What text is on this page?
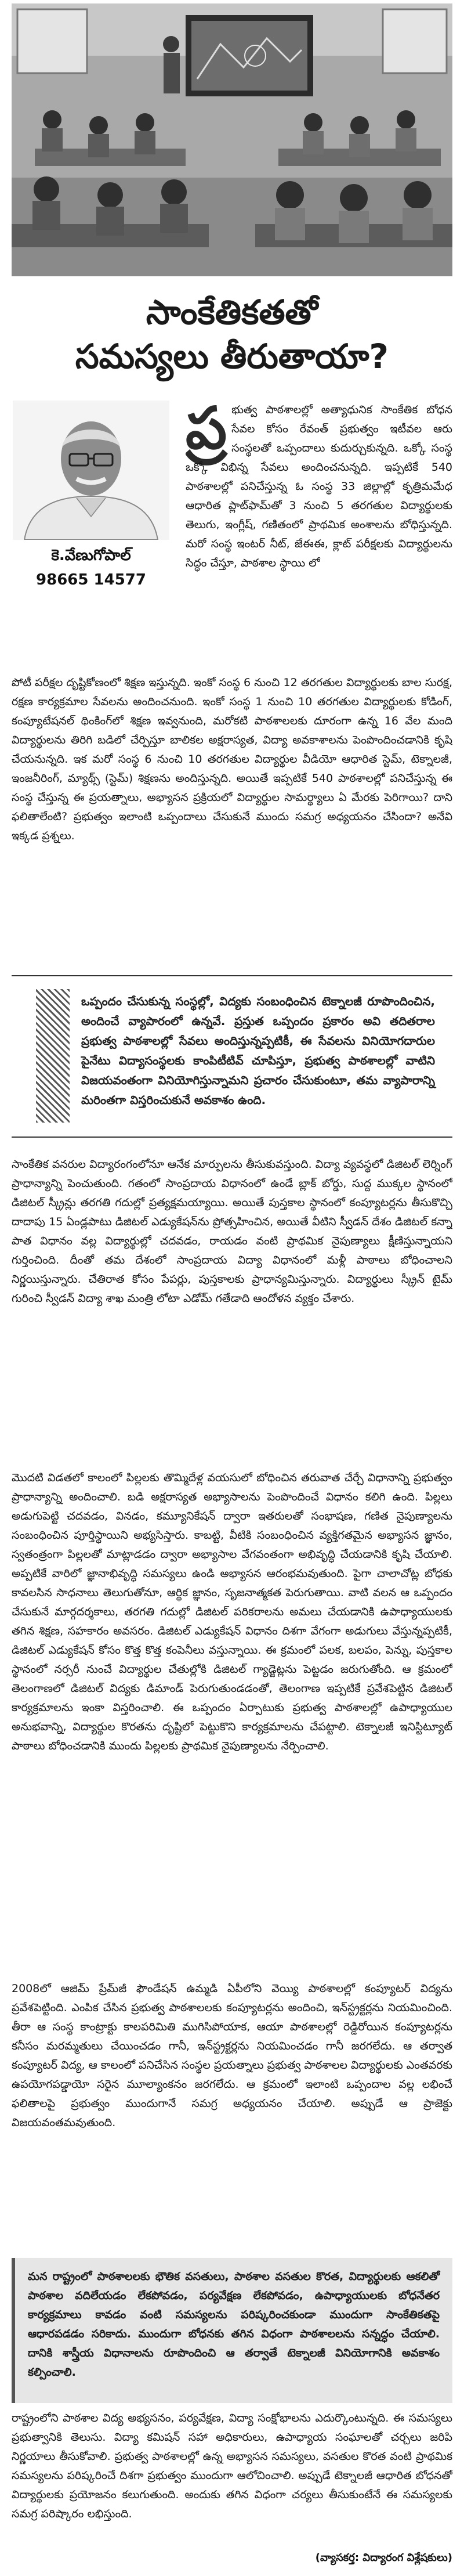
సాంకేతికతతో
సమస్యలు తీరుతాయా?
కె.వేణుగోపాల్
98665 14577
ప్ర భుత్వ పాఠశాలల్లో అత్యాధునిక సాంకేతిక బోధన సేవల కోసం రేవంత్ ప్రభుత్వం ఇటీవల ఆరు సంస్థలతో ఒప్పందాలు కుదుర్చుకున్నది. ఒక్కో సంస్థ ఒక్కో విభిన్న సేవలు అందించనున్నది. ఇప్పటికే 540 పాఠశాలల్లో పనిచేస్తున్న ఓ సంస్థ 33 జిల్లాల్లో కృత్రిమమేధ ఆధారిత ప్లాట్‌ఫామ్‌తో 3 నుంచి 5 తరగతుల విద్యార్థులకు తెలుగు, ఇంగ్లీష్, గణితంలో ప్రాథమిక అంశాలను బోధిస్తున్నది. మరో సంస్థ ఇంటర్ నీట్, జేఈఈ, క్లాట్ పరీక్షలకు విద్యార్థులను సిద్ధం చేస్తూ, పాఠశాల స్థాయి లో
పోటీ పరీక్షల దృష్టికోణంలో శిక్షణ ఇస్తున్నది. ఇంకో సంస్థ 6 నుంచి 12 తరగతుల విద్యార్థులకు బాల సురక్ష, రక్షణ కార్యక్రమాల సేవలను అందించనుంది. ఇంకో సంస్థ 1 నుంచి 10 తరగతుల విద్యార్థులకు కోడింగ్, కంప్యూటేషనల్ థింకింగ్‌లో శిక్షణ ఇవ్వనుంది, మరోకటి పాఠశాలలకు దూరంగా ఉన్న 16 వేల మంది విద్యార్థులను తిరిగి బడిలో చేర్పిస్తూ బాలికల అక్షరాస్యత, విద్యా అవకాశాలను పెంపొందించడానికి కృషి చేయనున్నది. ఇక మరో సంస్థ 6 నుంచి 10 తరగతుల విద్యార్థుల వీడియో ఆధారిత స్టెమ్, టెక్నాలజీ, ఇంజనీరింగ్, మ్యాథ్స్ (స్టెమ్) శిక్షణను అందిస్తున్నది. అయితే ఇప్పటికే 540 పాఠశాలల్లో పనిచేస్తున్న ఈ సంస్థ చేస్తున్న ఈ ప్రయత్నాలు, అభ్యాసన ప్రక్రియలో విద్యార్థుల సామర్థ్యాలు ఏ మేరకు పెరిగాయి? దాని ఫలితాలేంటి? ప్రభుత్వం ఇలాంటి ఒప్పందాలు చేసుకునే ముందు సమగ్ర అధ్యయనం చేసిందా? అనేవి ఇక్కడ ప్రశ్నలు.
ఒప్పందం చేసుకున్న సంస్థల్లో, విద్యకు సంబంధించిన టెక్నాలజీ రూపొందించిన, అందించే వ్యాపారంలో ఉన్నవే. ప్రస్తుత ఒప్పందం ప్రకారం అవి తదితరాల ప్రభుత్వ పాఠశాలల్లో సేవలు అందిస్తున్నప్పటికీ, ఈ సేవలను వినియోగదారుల పైనేటు విద్యాసంస్థలకు కాంపిటీటివ్ చూపిస్తూ, ప్రభుత్వ పాఠశాలల్లో వాటిని విజయవంతంగా వినియోగిస్తున్నామని ప్రచారం చేసుకుంటూ, తమ వ్యాపారాన్ని మరింతగా విస్తరించుకునే అవకాశం ఉంది.
సాంకేతిక వనరుల విద్యారంగంలోనూ ఆనేక మార్పులను తీసుకువస్తుంది. విద్యా వ్యవస్థలో డిజిటల్ లెర్నింగ్ ప్రాధాన్యాన్ని పెంచుతుంది. గతంలో సాంప్రదాయ విధానంలో ఉండే బ్లాక్ బోర్డు, సుద్ద ముక్కల స్థానంలో డిజిటల్ స్క్రీన్లు తరగతి గదుల్లో ప్రత్యక్షమయ్యాయి. అయితే పుస్తకాల స్థానంలో కంప్యూటర్లను తీసుకొచ్చి దాదాపు 15 ఏండ్లపాటు డిజిటల్ ఎడ్యుకేషన్‌ను ప్రోత్సహించిన, అయితే వీటిని స్వీడన్ దేశం డిజిటల్ కన్నా పాత విధానం వల్ల విద్యార్థుల్లో చదవడం, రాయడం వంటి ప్రాథమిక నైపుణ్యాలు క్షీణిస్తున్నాయని గుర్తించింది. దీంతో తమ దేశంలో సాంప్రదాయ విద్యా విధానంలో మళ్లీ పాఠాలు బోధించాలని నిర్ణయిస్తున్నారు. చేతిరాత కోసం పేపర్లు, పుస్తకాలకు ప్రాధాన్యమిస్తున్నారు. విద్యార్థులు స్క్రీన్ టైమ్ గురించి స్వీడన్ విద్యా శాఖ మంత్రి లోటా ఎడోమ్ గతేడాది ఆందోళన వ్యక్తం చేశారు.
మొదటి విడతలో కాలంలో పిల్లలకు తొమ్మిదేళ్ల వయసులో బోధించిన తరువాత చేర్చే విధానాన్ని ప్రభుత్వం ప్రాధాన్యాన్ని అందించాలి. బడి అక్షరాస్యత అభ్యాసాలను పెంపొందించే విధానం కలిగి ఉంది. పిల్లలు అడుగుపెట్టి చదవడం, వినడం, కమ్యూనికేషన్ ద్వారా ఇతరులతో సంభాషణ, గణిత నైపుణ్యాలను సంబంధించిన పూర్తిస్థాయిని అభ్యసిస్తారు. కాబట్టి, వీటికి సంబంధించిన వ్యక్తిగతమైన అభ్యాసన జ్ఞానం, స్వతంత్రంగా పిల్లలతో మాట్లాడడం ద్వారా అభ్యాసాల వేగవంతంగా అభివృద్ధి చేయడానికి కృషి చేయాలి. అప్పటికే వారిలో జ్ఞానాభివృద్ధి సమస్యలు ఉండి అభ్యాసన ఆరంభమవుతుంది. పైగా చాలాచోట్ల బోధకు కావలసిన సాధనాలు తెలుగుతోనూ, ఆర్థిక జ్ఞానం, సృజనాత్మకత పెరుగుతాయి. వాటి వలన ఆ ఒప్పందం చేసుకునే మార్గదర్శకాలు, తరగతి గదుల్లో డిజిటల్ పరికరాలను అమలు చేయడానికి ఉపాధ్యాయులకు తగిన శిక్షణ, సహకారం అవసరం. డిజిటల్ ఎడ్యుకేషన్ విధానం దిశగా వేగంగా అడుగులు వేస్తున్నప్పటికీ, డిజిటల్ ఎడ్యుకేషన్ కోసం కొత్త కొత్త కంపెనీలు వస్తున్నాయి. ఈ క్రమంలో పలక, బలపం, పెన్ను, పుస్తకాల స్థానంలో నర్సరీ నుంచే విద్యార్థుల చేతుల్లోకి డిజిటల్ గ్యాడ్జెట్లను పెట్టడం జరుగుతోంది. ఆ క్రమంలో తెలంగాణలో డిజిటల్ విద్యకు డిమాండ్ పెరుగుతుండడంతో, తెలంగాణ ఇప్పటికే ప్రవేశపెట్టిన డిజిటల్ కార్యక్రమాలను ఇంకా విస్తరించాలి. ఈ ఒప్పందం ఏర్పాటుకు ప్రభుత్వ పాఠశాలల్లో ఉపాధ్యాయుల అనుభవాన్ని, విద్యార్థుల కొరతను దృష్టిలో పెట్టుకొని కార్యక్రమాలను చేపట్టాలి. టెక్నాలజీ ఇనిస్టిట్యూట్ పాఠాలు బోధించడానికి ముందు పిల్లలకు ప్రాథమిక నైపుణ్యాలను నేర్పించాలి.
2008లో ఆజిమ్ ప్రేమ్‌జీ ఫౌండేషన్ ఉమ్మడి ఏపీలోని వెయ్యి పాఠశాలల్లో కంప్యూటర్ విద్యను ప్రవేశపెట్టింది. ఎంపిక చేసిన ప్రభుత్వ పాఠశాలలకు కంప్యూటర్లను అందించి, ఇన్‌స్ట్రక్టర్లను నియమించింది. తీరా ఆ సంస్థ కాంట్రాక్టు కాలపరిమితి ముగిసిపోయాక, ఆయా పాఠశాలల్లో రెడ్డిరోయిన కంప్యూటర్లను కనీసం మరమ్మతులు చేయించడం గానీ, ఇన్‌స్ట్రక్టర్లను నియమించడం గానీ జరగలేదు. ఆ తర్వాత కంప్యూటర్ విద్య, ఆ కాలంలో పనిచేసిన సంస్థల ప్రయత్నాలు ప్రభుత్వ పాఠశాలల విద్యార్థులకు ఎంతవరకు ఉపయోగపడ్డాయో సరైన మూల్యాంకనం జరగలేదు. ఆ క్రమంలో ఇలాంటి ఒప్పందాల వల్ల లభించే ఫలితాలపై ప్రభుత్వం ముందుగానే సమగ్ర అధ్యయనం చేయాలి. అప్పుడే ఆ ప్రాజెక్టు విజయవంతమవుతుంది.
మన రాష్ట్రంలో పాఠశాలలకు భౌతిక వసతులు, పాఠశాల వసతుల కొరత, విద్యార్థులకు ఆకలితో పాఠశాల వదిలేయడం లేకపోవడం, పర్యవేక్షణ లేకపోవడం, ఉపాధ్యాయులకు బోధనేతర కార్యక్రమాలు కావడం వంటి సమస్యలను పరిష్కరించకుండా ముందుగా సాంకేతికతపై ఆధారపడడం సరికాదు. ముందుగా బోధనకు తగిన విధంగా పాఠశాలలను సన్నద్ధం చేయాలి. దానికి శాస్త్రీయ విధానాలను రూపొందించి ఆ తర్వాతే టెక్నాలజీ వినియోగానికి అవకాశం కల్పించాలి.
రాష్ట్రంలోని పాఠశాల విద్య అభ్యసనం, పర్యవేక్షణ, విద్యా సంక్షోభాలను ఎదుర్కొంటున్నది. ఈ సమస్యలు ప్రభుత్వానికి తెలుసు. విద్యా కమిషన్ సహా అధికారులు, ఉపాధ్యాయ సంఘాలతో చర్చలు జరిపి నిర్ణయాలు తీసుకోవాలి. ప్రభుత్వ పాఠశాలల్లో ఉన్న అభ్యాసన సమస్యలు, వసతుల కొరత వంటి ప్రాథమిక సమస్యలను పరిష్కరించే దిశగా ప్రభుత్వం ముందుగా ఆలోచించాలి. అప్పుడే టెక్నాలజీ ఆధారిత బోధనతో విద్యార్థులకు ప్రయోజనం కలుగుతుంది. అందుకు తగిన విధంగా చర్యలు తీసుకుంటేనే ఈ సమస్యలకు సమగ్ర పరిష్కారం లభిస్తుంది.
(వ్యాసకర్త: విద్యారంగ విశ్లేషకులు)
